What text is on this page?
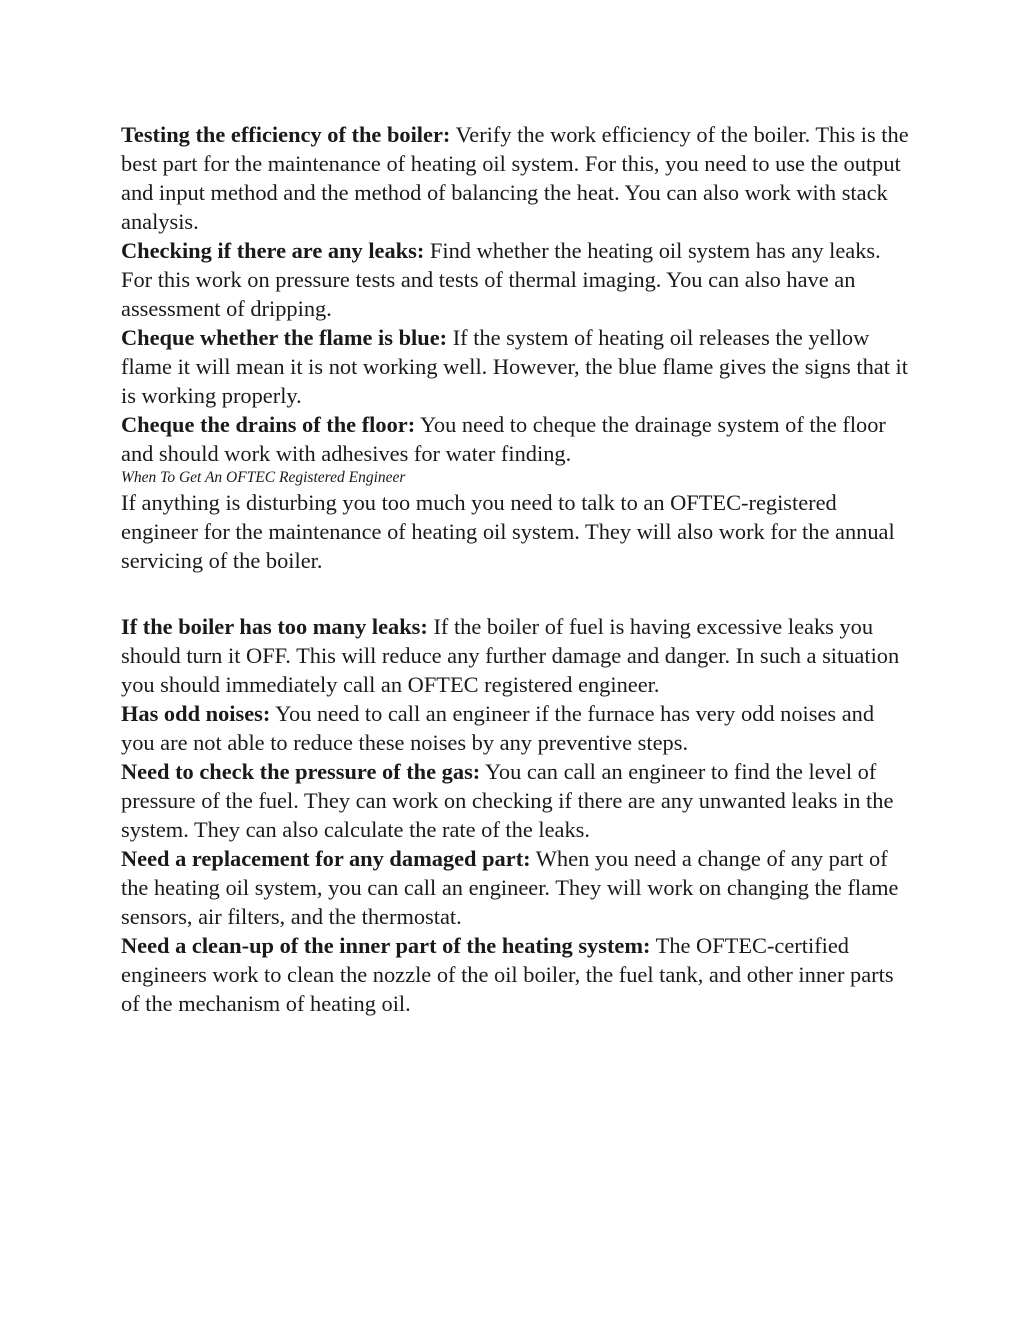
Testing the efficiency of the boiler: Verify the work efficiency of the boiler. This is the best part for the maintenance of heating oil system. For this, you need to use the output and input method and the method of balancing the heat. You can also work with stack analysis.

Checking if there are any leaks: Find whether the heating oil system has any leaks. For this work on pressure tests and tests of thermal imaging. You can also have an assessment of dripping.

Cheque whether the flame is blue: If the system of heating oil releases the yellow flame it will mean it is not working well. However, the blue flame gives the signs that it is working properly.

Cheque the drains of the floor: You need to cheque the drainage system of the floor and should work with adhesives for water finding.

When To Get An OFTEC Registered Engineer

If anything is disturbing you too much you need to talk to an OFTEC-registered engineer for the maintenance of heating oil system. They will also work for the annual servicing of the boiler.

If the boiler has too many leaks: If the boiler of fuel is having excessive leaks you should turn it OFF. This will reduce any further damage and danger. In such a situation you should immediately call an OFTEC registered engineer.

Has odd noises: You need to call an engineer if the furnace has very odd noises and you are not able to reduce these noises by any preventive steps.

Need to check the pressure of the gas: You can call an engineer to find the level of pressure of the fuel. They can work on checking if there are any unwanted leaks in the system. They can also calculate the rate of the leaks.

Need a replacement for any damaged part: When you need a change of any part of the heating oil system, you can call an engineer. They will work on changing the flame sensors, air filters, and the thermostat.

Need a clean-up of the inner part of the heating system: The OFTEC-certified engineers work to clean the nozzle of the oil boiler, the fuel tank, and other inner parts of the mechanism of heating oil.
